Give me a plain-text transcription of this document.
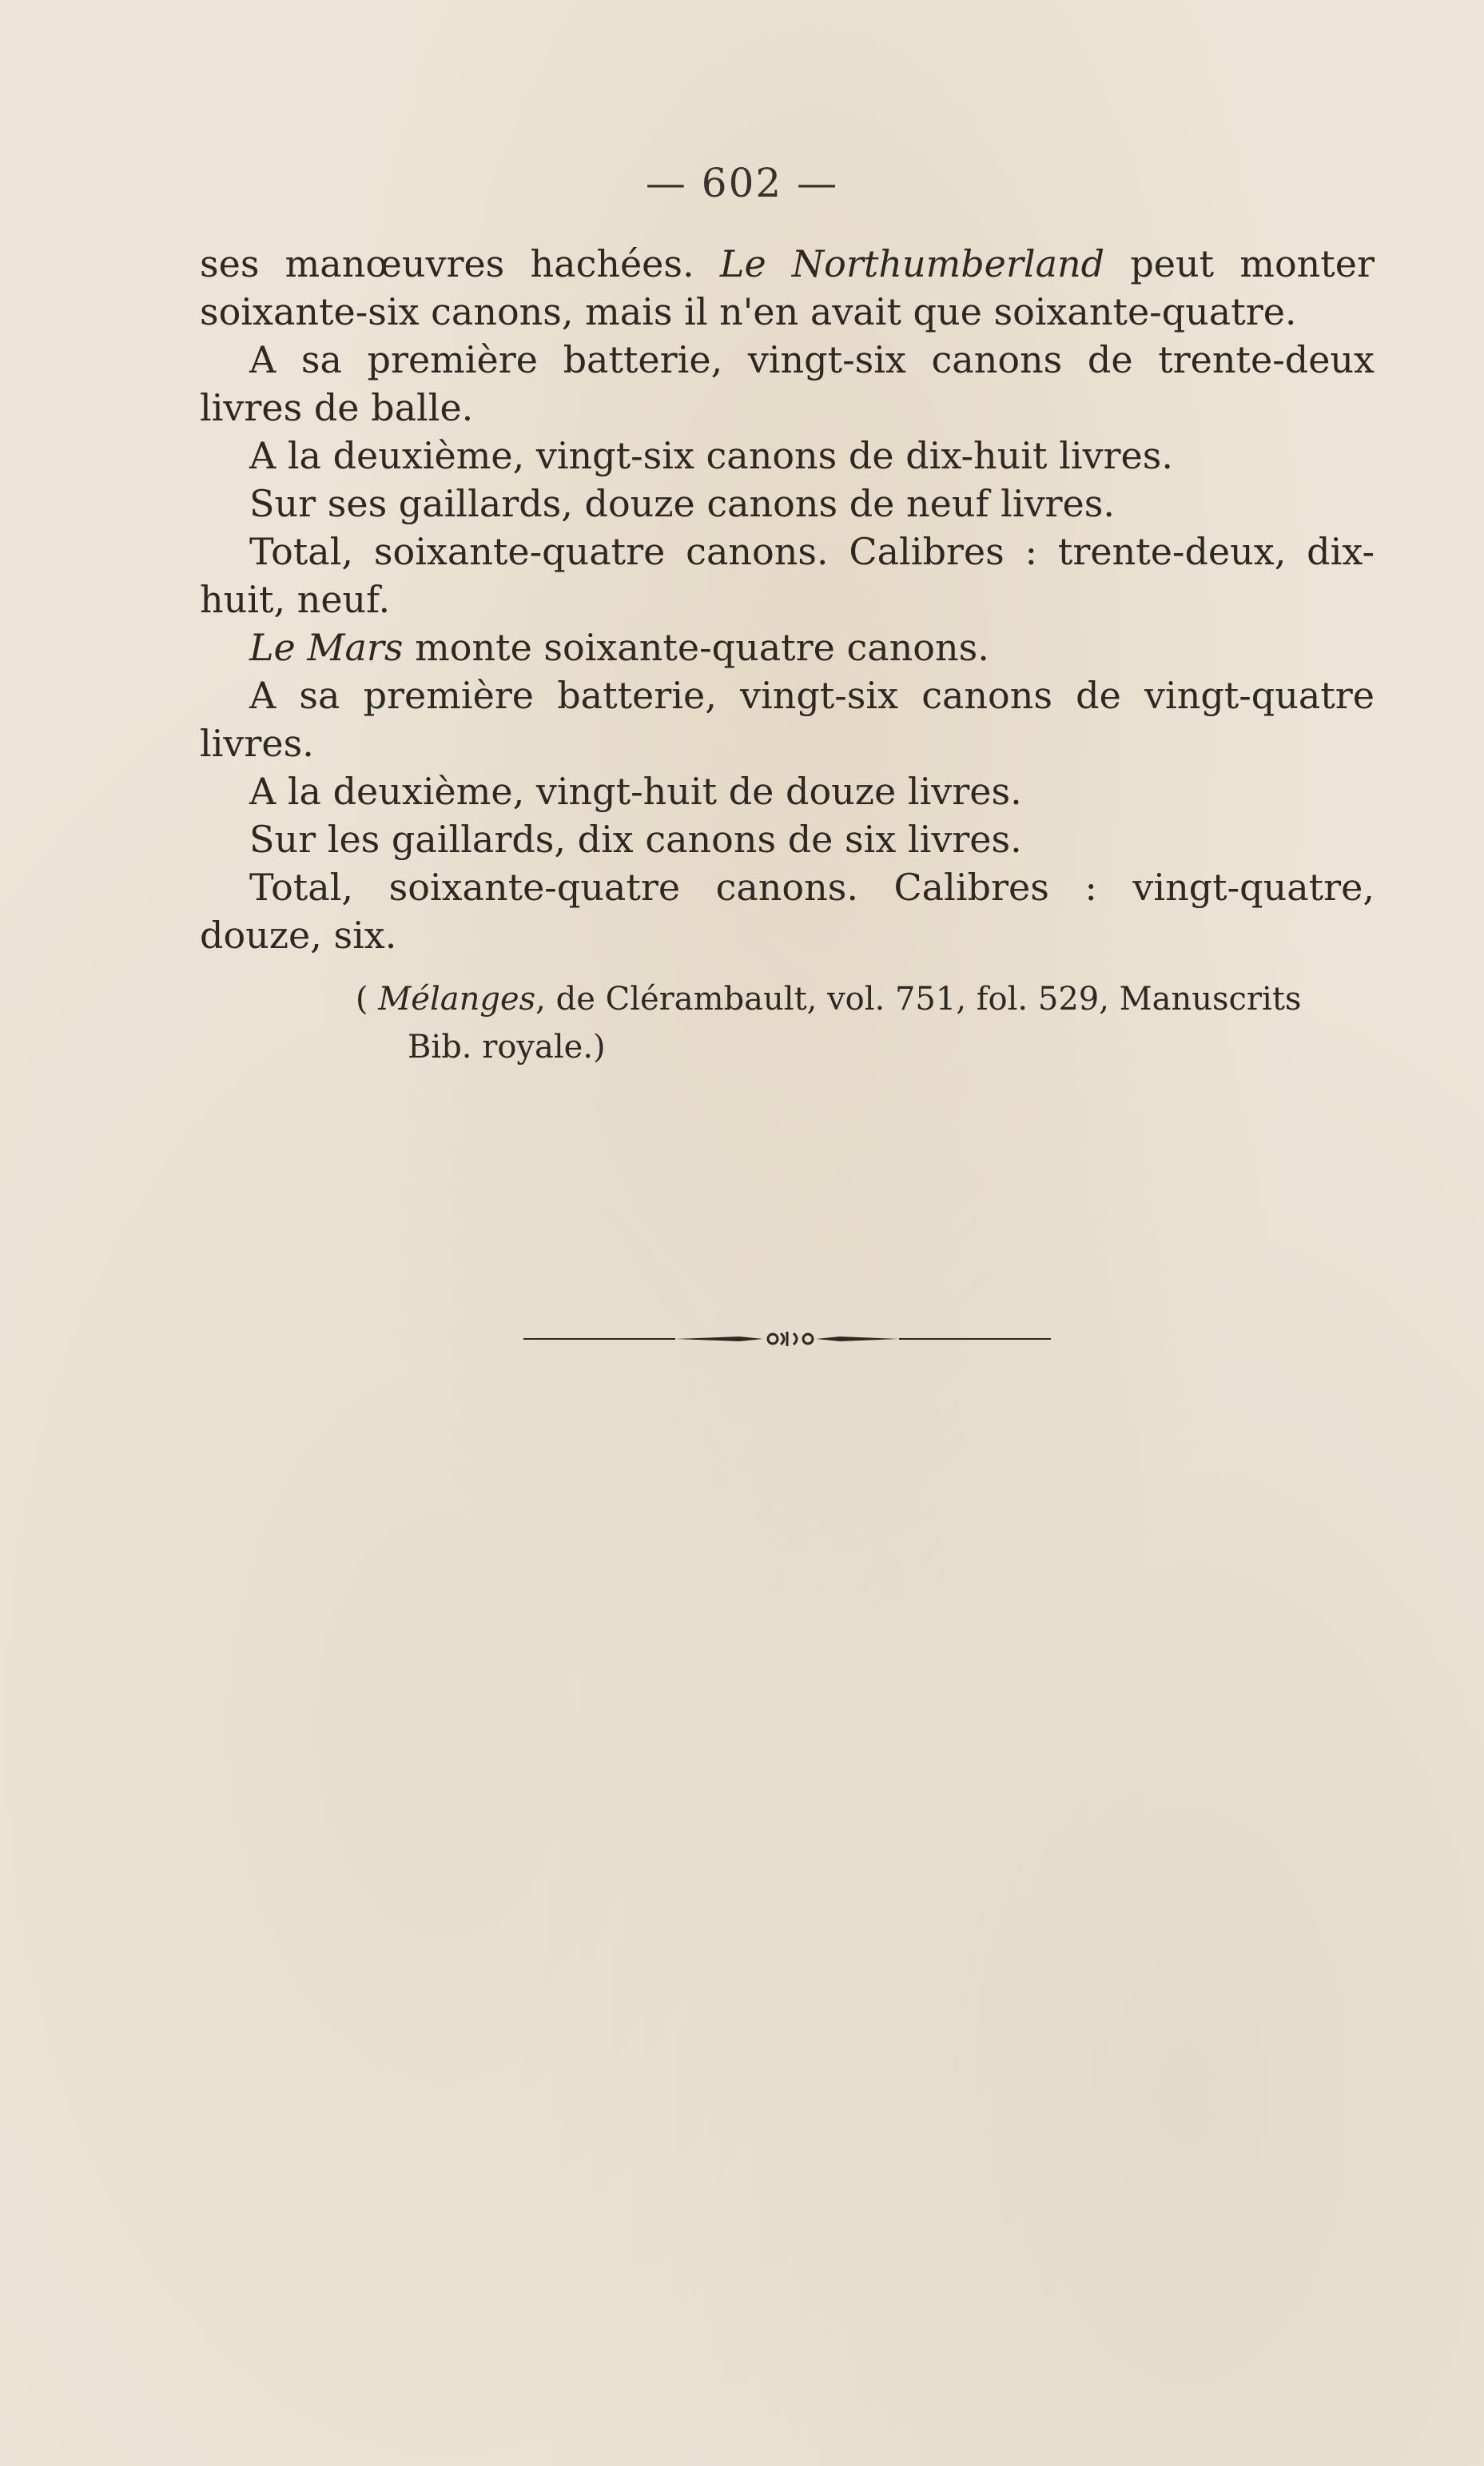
— 602 —

ses manœuvres hachées. Le Northumberland peut monter soixante-six canons, mais il n'en avait que soixante-quatre.

A sa première batterie, vingt-six canons de trente-deux livres de balle.

A la deuxième, vingt-six canons de dix-huit livres.

Sur ses gaillards, douze canons de neuf livres.

Total, soixante-quatre canons. Calibres : trente-deux, dix-huit, neuf.

Le Mars monte soixante-quatre canons.

A sa première batterie, vingt-six canons de vingt-quatre livres.

A la deuxième, vingt-huit de douze livres.

Sur les gaillards, dix canons de six livres.

Total, soixante-quatre canons. Calibres : vingt-quatre, douze, six.

( Mélanges, de Clérambault, vol. 751, fol. 529, Manuscrits
Bib. royale.)
